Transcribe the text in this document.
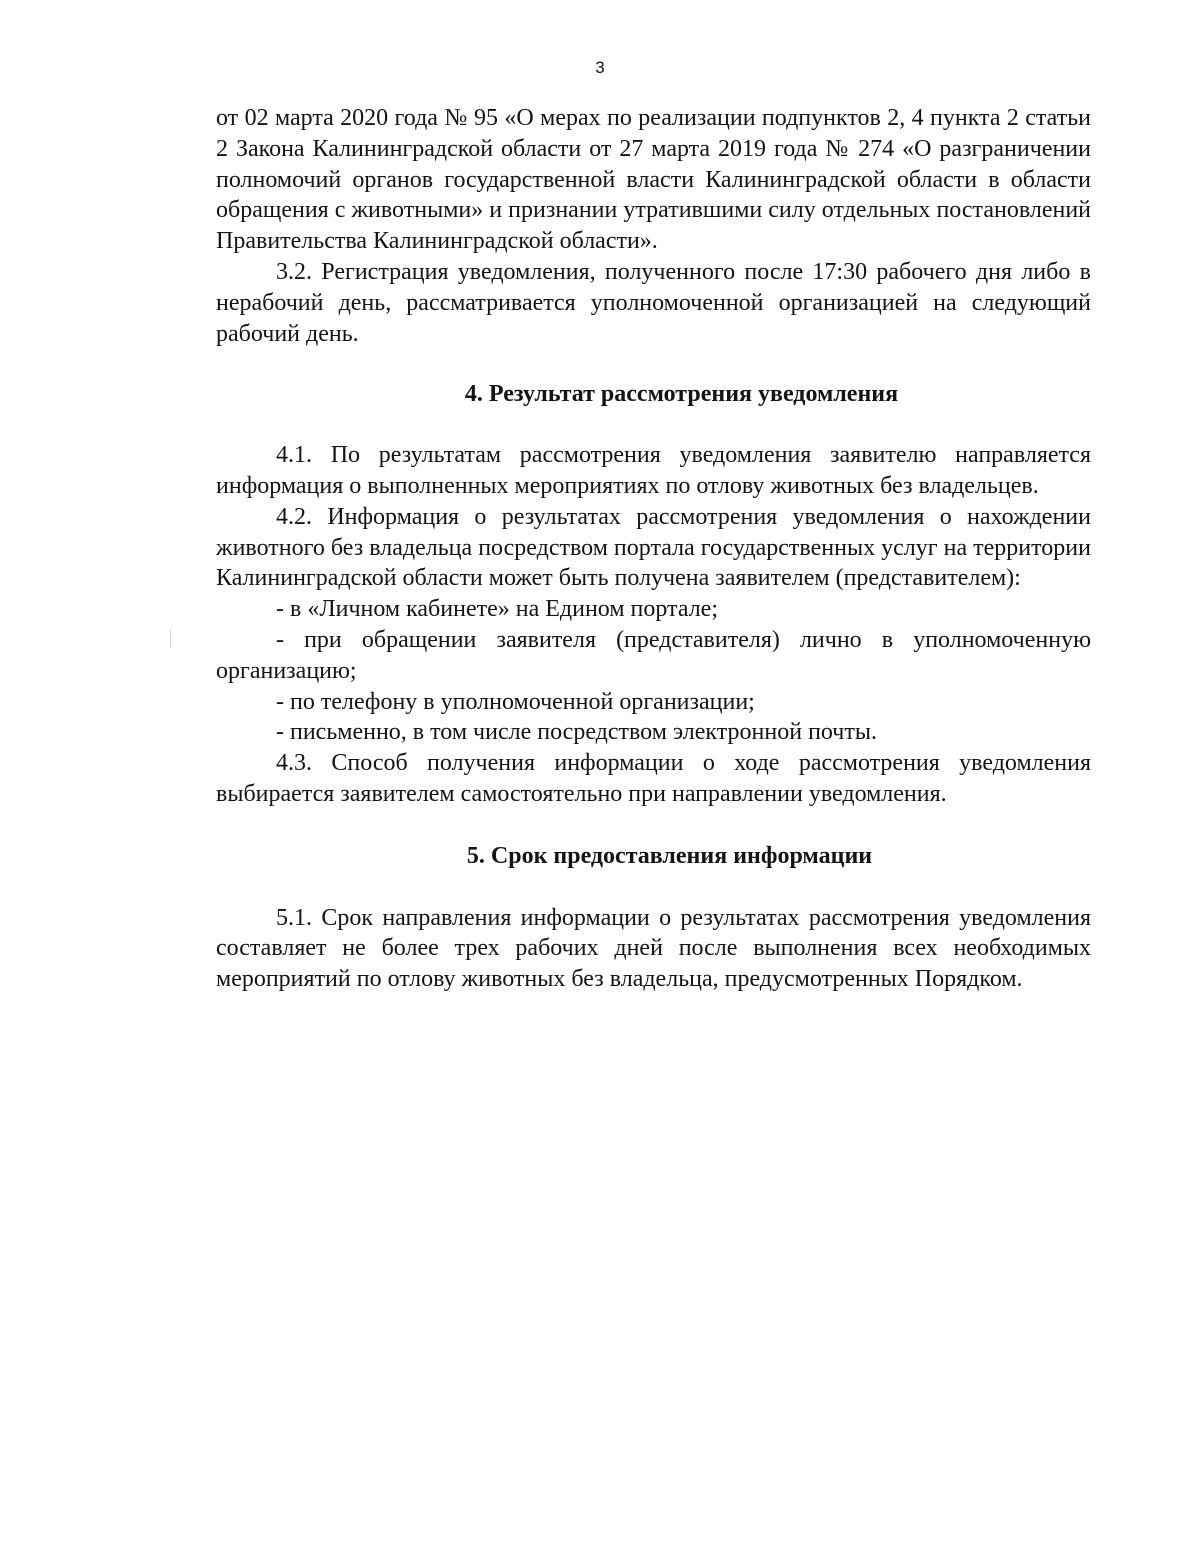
3

от 02 марта 2020 года № 95 «О мерах по реализации подпунктов 2, 4 пункта 2 статьи 2 Закона Калининградской области от 27 марта 2019 года № 274 «О разграничении полномочий органов государственной власти Калининградской области в области обращения с животными» и признании утратившими силу отдельных постановлений Правительства Калининградской области».

3.2. Регистрация уведомления, полученного после 17:30 рабочего дня либо в нерабочий день, рассматривается уполномоченной организацией на следующий рабочий день.

4. Результат рассмотрения уведомления

4.1. По результатам рассмотрения уведомления заявителю направляется информация о выполненных мероприятиях по отлову животных без владельцев.

4.2. Информация о результатах рассмотрения уведомления о нахождении животного без владельца посредством портала государственных услуг на территории Калининградской области может быть получена заявителем (представителем):

- в «Личном кабинете» на Едином портале;

- при обращении заявителя (представителя) лично в уполномоченную организацию;

- по телефону в уполномоченной организации;

- письменно, в том числе посредством электронной почты.

4.3. Способ получения информации о ходе рассмотрения уведомления выбирается заявителем самостоятельно при направлении уведомления.

5. Срок предоставления информации

5.1. Срок направления информации о результатах рассмотрения уведомления составляет не более трех рабочих дней после выполнения всех необходимых мероприятий по отлову животных без владельца, предусмотренных Порядком.
